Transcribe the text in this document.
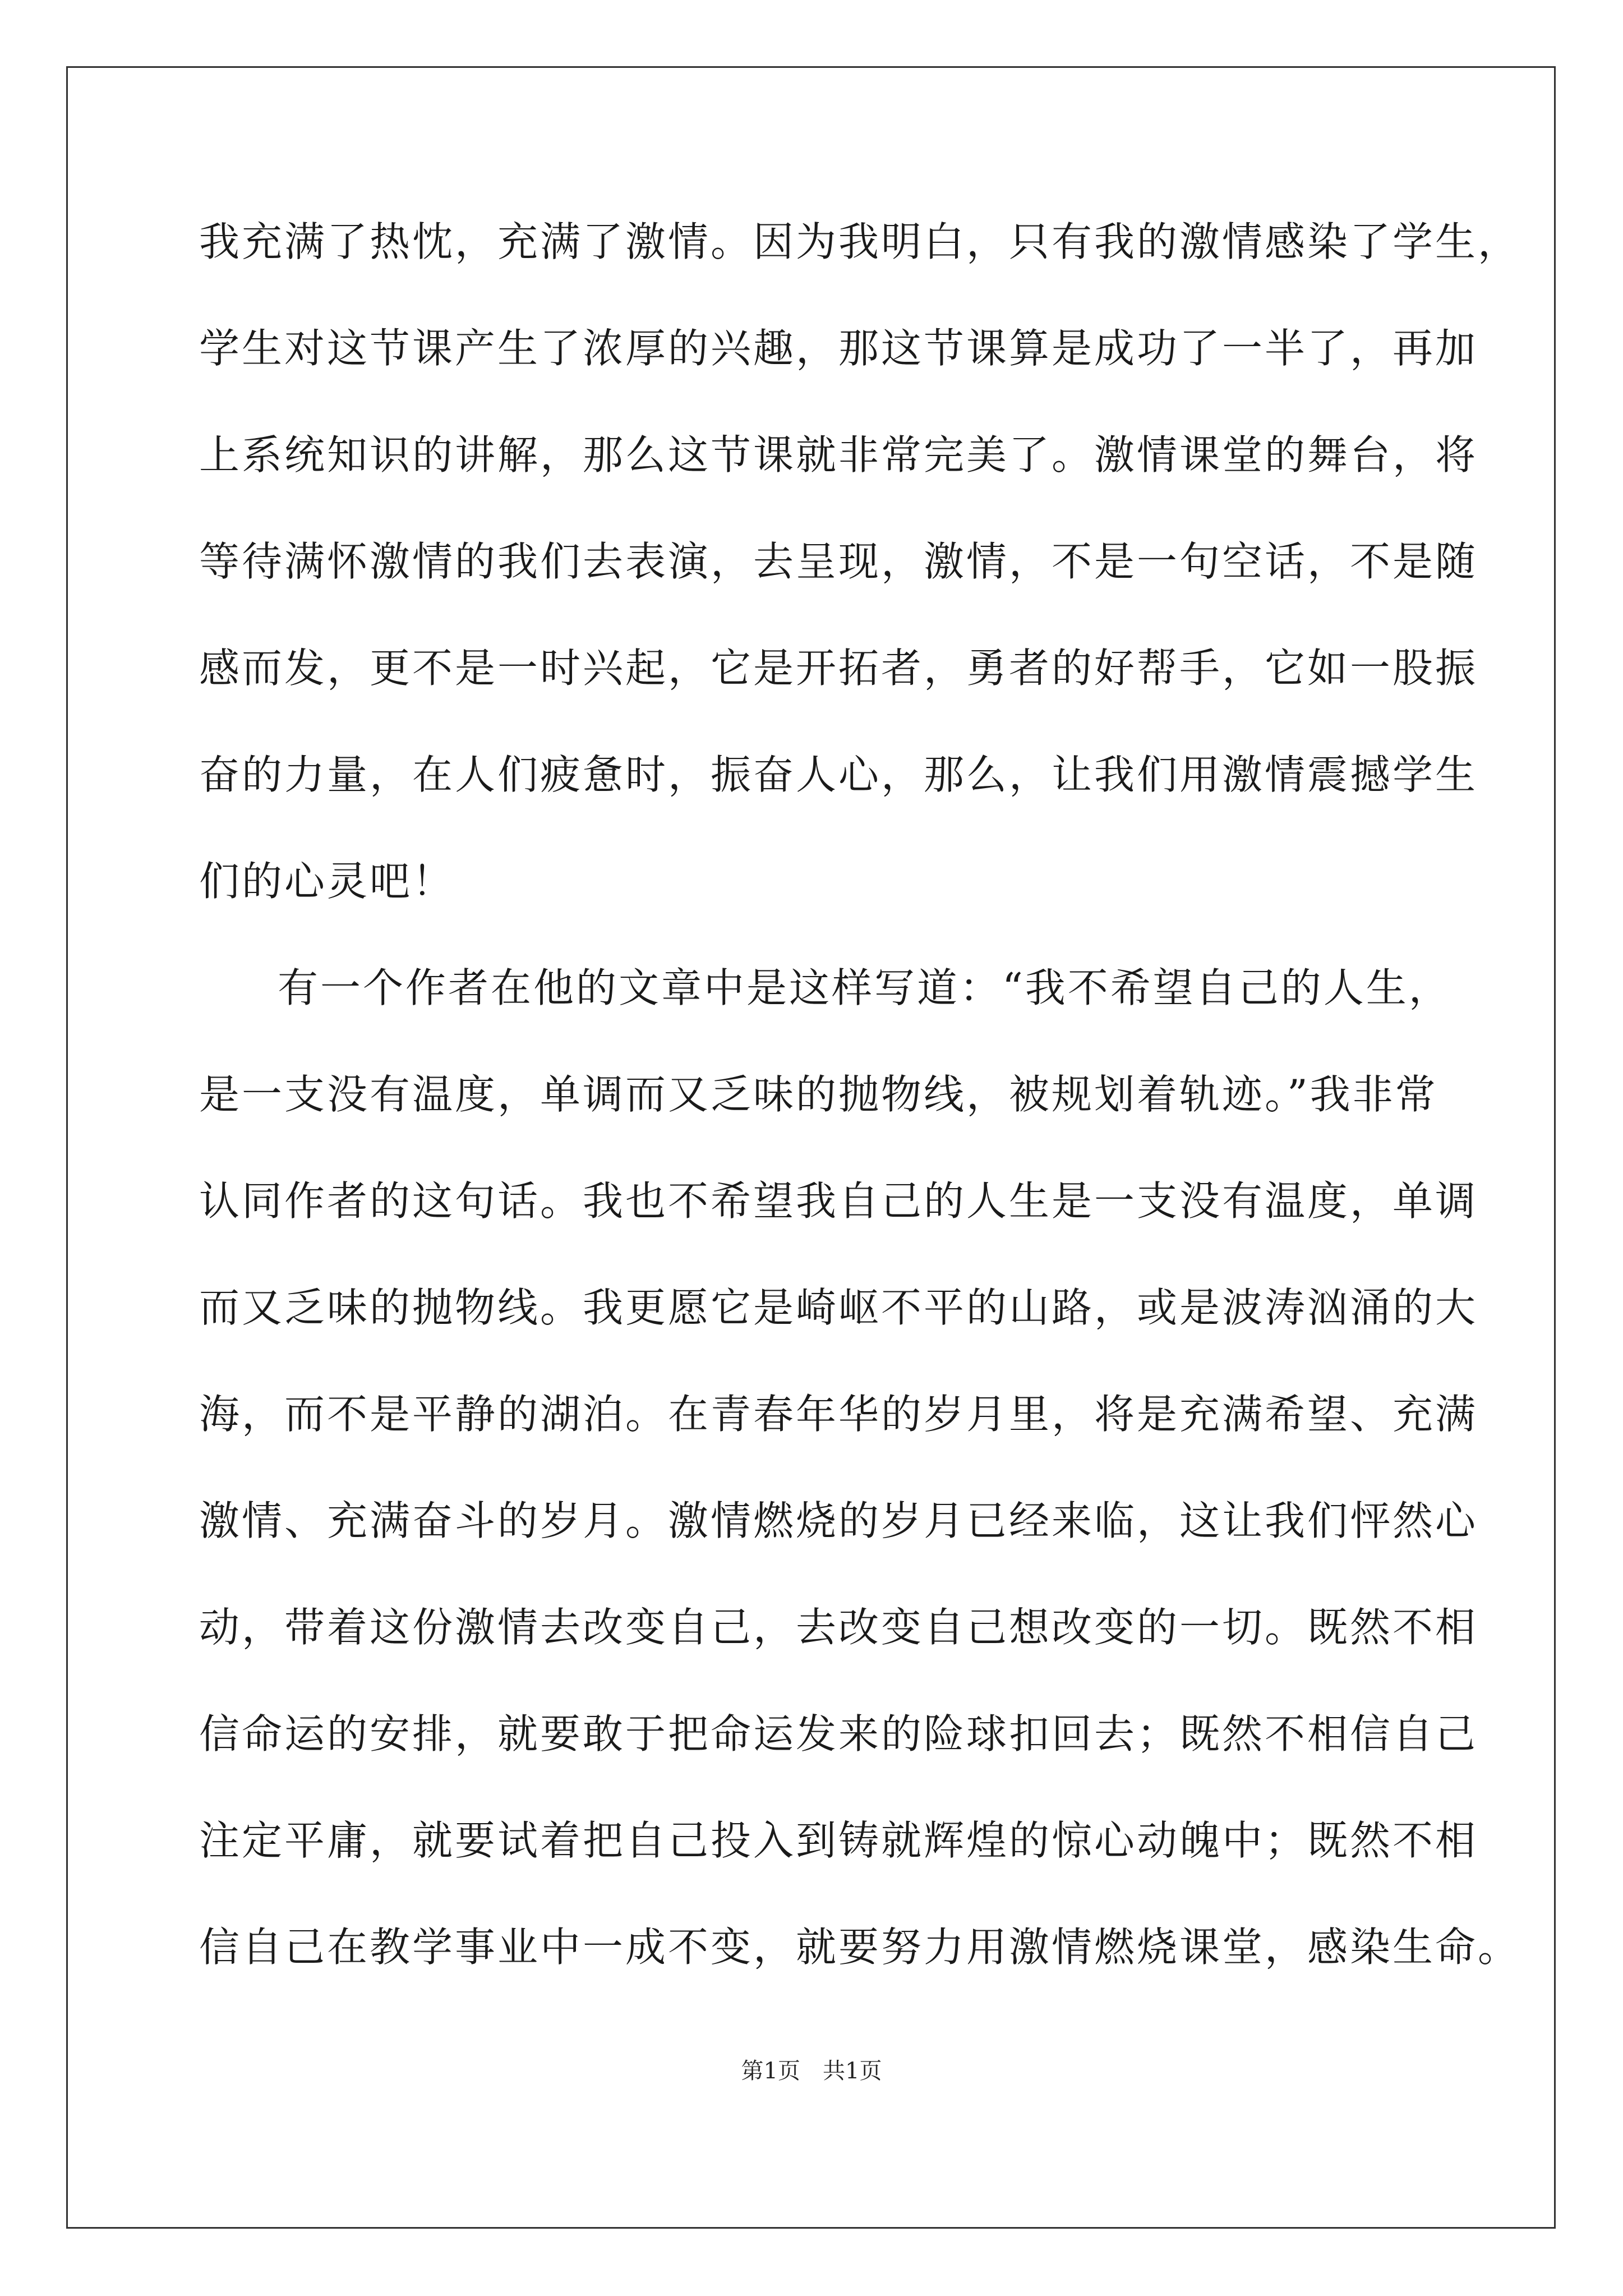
我充满了热忱，充满了激情。因为我明白，只有我的激情感染了学生，
学生对这节课产生了浓厚的兴趣，那这节课算是成功了一半了，再加
上系统知识的讲解，那么这节课就非常完美了。激情课堂的舞台，将
等待满怀激情的我们去表演，去呈现，激情，不是一句空话，不是随
感而发，更不是一时兴起，它是开拓者，勇者的好帮手，它如一股振
奋的力量，在人们疲惫时，振奋人心，那么，让我们用激情震撼学生
们的心灵吧！
有一个作者在他的文章中是这样写道：“我不希望自己的人生，
是一支没有温度，单调而又乏味的抛物线，被规划着轨迹。”我非常
认同作者的这句话。我也不希望我自己的人生是一支没有温度，单调
而又乏味的抛物线。我更愿它是崎岖不平的山路，或是波涛汹涌的大
海，而不是平静的湖泊。在青春年华的岁月里，将是充满希望、充满
激情、充满奋斗的岁月。激情燃烧的岁月已经来临，这让我们怦然心
动，带着这份激情去改变自己，去改变自己想改变的一切。既然不相
信命运的安排，就要敢于把命运发来的险球扣回去；既然不相信自己
注定平庸，就要试着把自己投入到铸就辉煌的惊心动魄中；既然不相
信自己在教学事业中一成不变，就要努力用激情燃烧课堂，感染生命。
第1页 共1页
